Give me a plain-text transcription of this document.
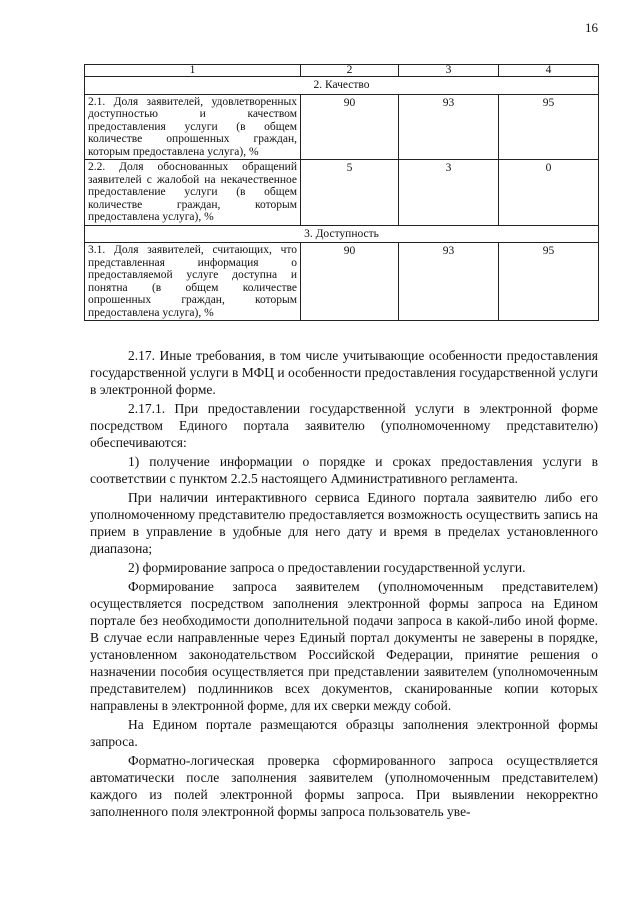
16
1	2	3	4
2. Качество			
2.1. Доля заявителей, удовлетворенных доступностью и качеством предоставления услуги (в общем количестве опрошенных граждан, которым предоставлена услуга), %	90	93	95
2.2. Доля обоснованных обращений заявителей с жалобой на некачественное предоставление услуги (в общем количестве граждан, которым предоставлена услуга), %	5	3	0
3. Доступность			
3.1. Доля заявителей, считающих, что представленная информация о предоставляемой услуге доступна и понятна (в общем количестве опрошенных граждан, которым предоставлена услуга), %	90	93	95

2.17. Иные требования, в том числе учитывающие особенности предоставления государственной услуги в МФЦ и особенности предоставления государственной услуги в электронной форме.

2.17.1. При предоставлении государственной услуги в электронной форме посредством Единого портала заявителю (уполномоченному представителю) обеспечиваются:

1) получение информации о порядке и сроках предоставления услуги в соответствии с пунктом 2.2.5 настоящего Административного регламента.

При наличии интерактивного сервиса Единого портала заявителю либо его уполномоченному представителю предоставляется возможность осуществить запись на прием в управление в удобные для него дату и время в пределах установленного диапазона;

2) формирование запроса о предоставлении государственной услуги.

Формирование запроса заявителем (уполномоченным представителем) осуществляется посредством заполнения электронной формы запроса на Едином портале без необходимости дополнительной подачи запроса в какой-либо иной форме. В случае если направленные через Единый портал документы не заверены в порядке, установленном законодательством Российской Федерации, принятие решения о назначении пособия осуществляется при представлении заявителем (уполномоченным представителем) подлинников всех документов, сканированные копии которых направлены в электронной форме, для их сверки между собой.

На Едином портале размещаются образцы заполнения электронной формы запроса.

Форматно-логическая проверка сформированного запроса осуществляется автоматически после заполнения заявителем (уполномоченным представителем) каждого из полей электронной формы запроса. При выявлении некорректно заполненного поля электронной формы запроса пользователь уве-
